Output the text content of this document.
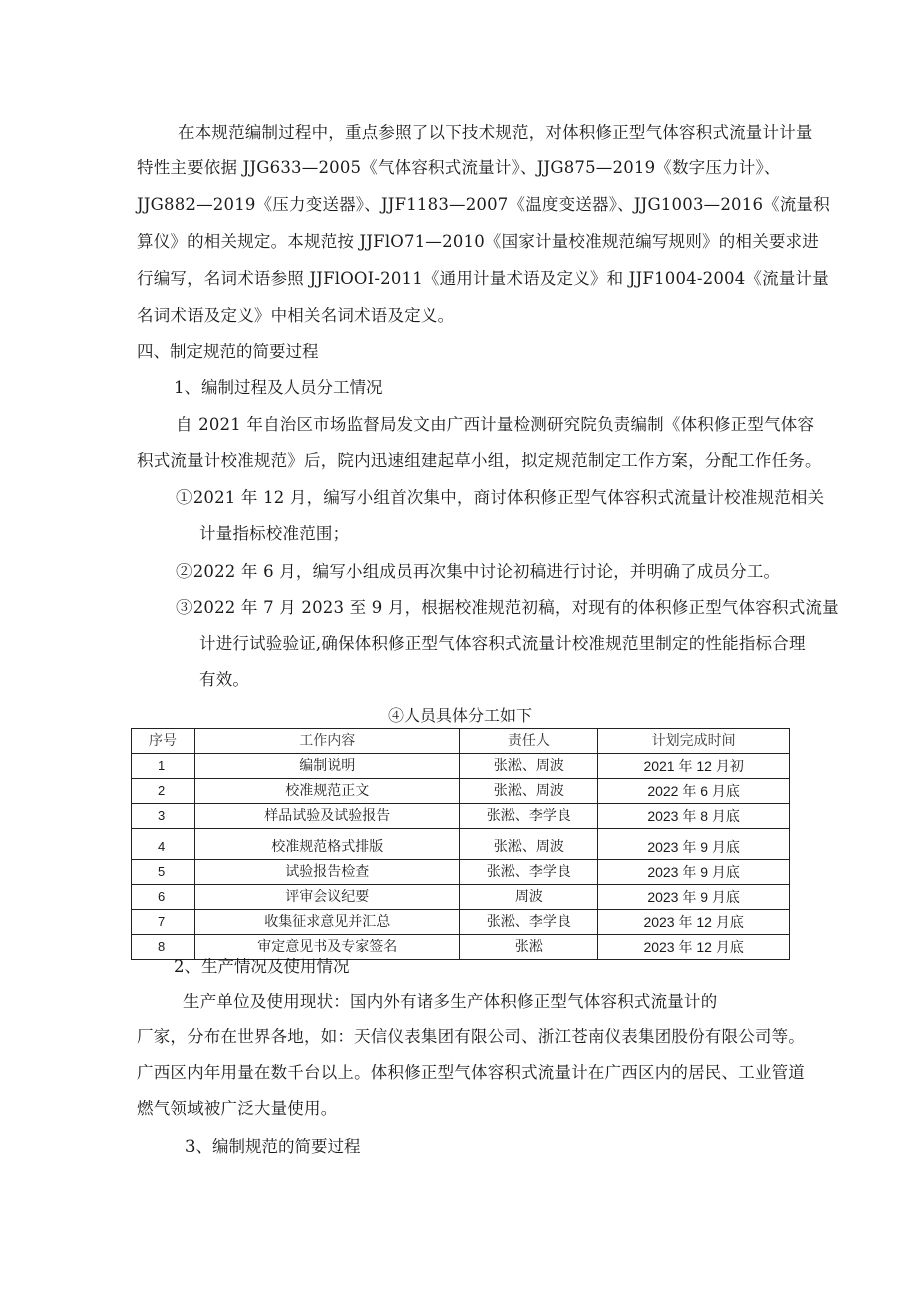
在本规范编制过程中，重点参照了以下技术规范，对体积修正型气体容积式流量计计量
特性主要依据 JJG633—2005《气体容积式流量计》、JJG875—2019《数字压力计》、
JJG882—2019《压力变送器》、JJF1183—2007《温度变送器》、JJG1003—2016《流量积
算仪》的相关规定。本规范按 JJFlO71—2010《国家计量校准规范编写规则》的相关要求进
行编写，名词术语参照 JJFlOOI-2011《通用计量术语及定义》和 JJF1004-2004《流量计量
名词术语及定义》中相关名词术语及定义。
四、制定规范的简要过程
1、编制过程及人员分工情况
自 2021 年自治区市场监督局发文由广西计量检测研究院负责编制《体积修正型气体容
积式流量计校准规范》后，院内迅速组建起草小组，拟定规范制定工作方案，分配工作任务。
①2021 年 12 月，编写小组首次集中，商讨体积修正型气体容积式流量计校准规范相关
计量指标校准范围；
②2022 年 6 月，编写小组成员再次集中讨论初稿进行讨论，并明确了成员分工。
③2022 年 7 月 2023 至 9 月，根据校准规范初稿，对现有的体积修正型气体容积式流量
计进行试验验证,确保体积修正型气体容积式流量计校准规范里制定的性能指标合理
有效。
④人员具体分工如下
序号	工作内容	责任人	计划完成时间
1	编制说明	张淞、周波	2021 年 12 月初
2	校准规范正文	张淞、周波	2022 年 6 月底
3	样品试验及试验报告	张淞、李学良	2023 年 8 月底
4	校准规范格式排版	张淞、周波	2023 年 9 月底
5	试验报告检查	张淞、李学良	2023 年 9 月底
6	评审会议纪要	周波	2023 年 9 月底
7	收集征求意见并汇总	张淞、李学良	2023 年 12 月底
8	审定意见书及专家签名	张淞	2023 年 12 月底
2、生产情况及使用情况
生产单位及使用现状：国内外有诸多生产体积修正型气体容积式流量计的
厂家，分布在世界各地，如：天信仪表集团有限公司、浙江苍南仪表集团股份有限公司等。
广西区内年用量在数千台以上。体积修正型气体容积式流量计在广西区内的居民、工业管道
燃气领域被广泛大量使用。
3、编制规范的简要过程
